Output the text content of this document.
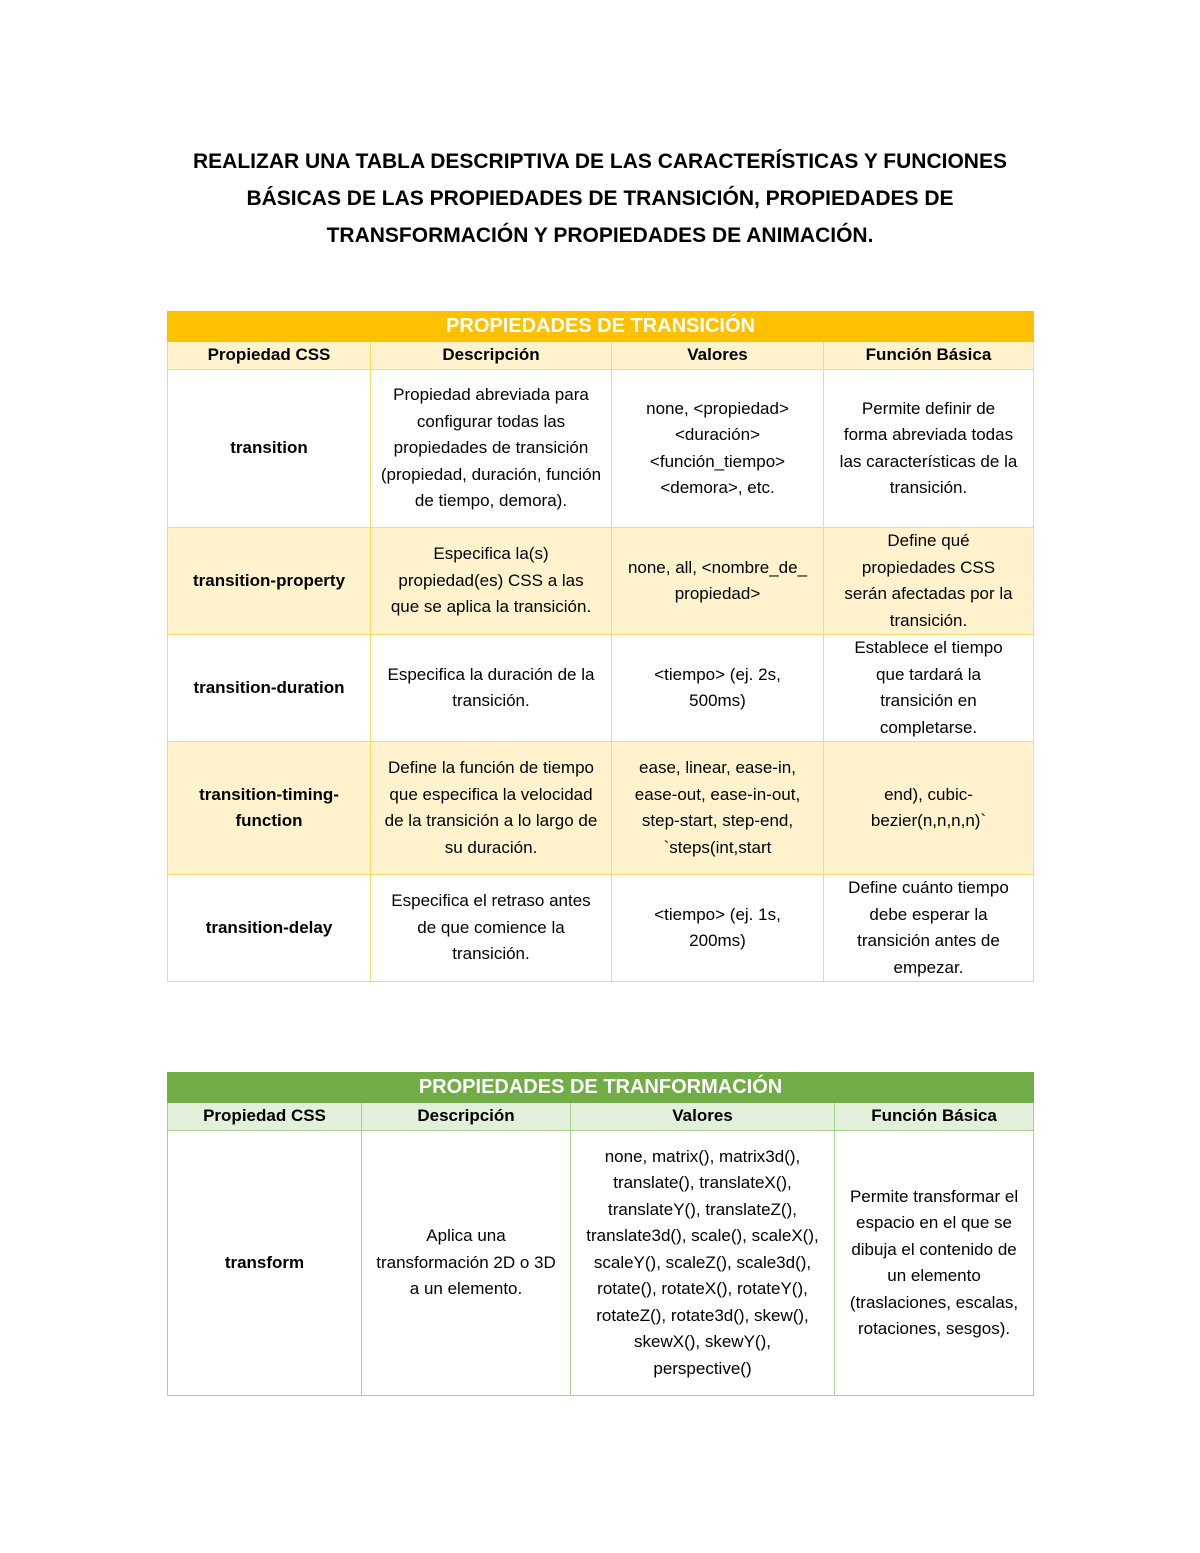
REALIZAR UNA TABLA DESCRIPTIVA DE LAS CARACTERÍSTICAS Y FUNCIONES
BÁSICAS DE LAS PROPIEDADES DE TRANSICIÓN, PROPIEDADES DE
TRANSFORMACIÓN Y PROPIEDADES DE ANIMACIÓN.
PROPIEDADES DE TRANSICIÓN			
Propiedad CSS	Descripción	Valores	Función Básica
transition	Propiedad abreviada para configurar todas las propiedades de transición (propiedad, duración, función de tiempo, demora).	none, <propiedad> <duración> <función_tiempo> <demora>, etc.	Permite definir de forma abreviada todas las características de la transición.
transition-property	Especifica la(s) propiedad(es) CSS a las que se aplica la transición.	none, all, <nombre_de_propiedad>	Define qué propiedades CSS serán afectadas por la transición.
transition-duration	Especifica la duración de la transición.	<tiempo> (ej. 2s, 500ms)	Establece el tiempo que tardará la transición en completarse.
transition-timing-function	Define la función de tiempo que especifica la velocidad de la transición a lo largo de su duración.	ease, linear, ease-in, ease-out, ease-in-out, step-start, step-end, `steps(int,start	end), cubic-bezier(n,n,n,n)`
transition-delay	Especifica el retraso antes de que comience la transición.	<tiempo> (ej. 1s, 200ms)	Define cuánto tiempo debe esperar la transición antes de empezar.
PROPIEDADES DE TRANFORMACIÓN			
Propiedad CSS	Descripción	Valores	Función Básica
transform	Aplica una transformación 2D o 3D a un elemento.	none, matrix(), matrix3d(), translate(), translateX(), translateY(), translateZ(), translate3d(), scale(), scaleX(), scaleY(), scaleZ(), scale3d(), rotate(), rotateX(), rotateY(), rotateZ(), rotate3d(), skew(), skewX(), skewY(), perspective()	Permite transformar el espacio en el que se dibuja el contenido de un elemento (traslaciones, escalas, rotaciones, sesgos).
